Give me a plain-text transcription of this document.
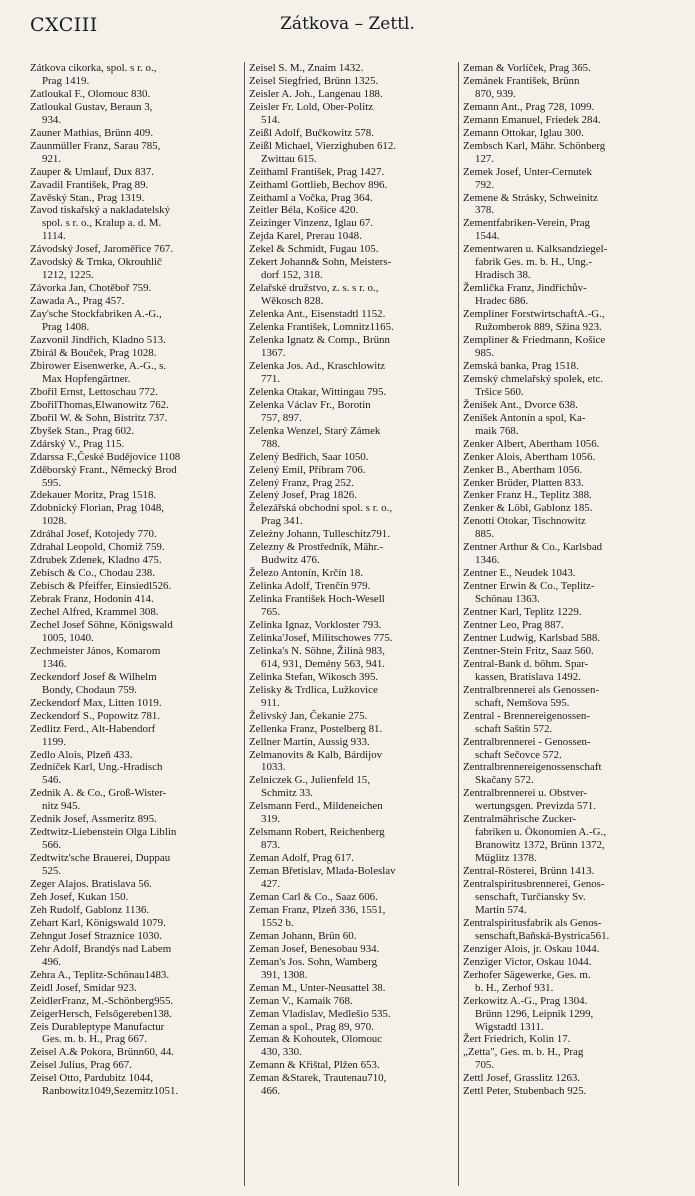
CXCIII	Zátkova – Zettl.
Zátkova cikorka, spol. s r. o.,
Prag 1419.
Zatloukal F., Olomouc 830.
Zatloukal Gustav, Beraun 3,
934.
Zauner Mathias, Brünn 409.
Zaunmüller Franz, Sarau 785,
921.
Zauper & Umlauf, Dux 837.
Zavadil František, Prag 89.
Zavěský Stan., Prag 1319.
Zavod tiskařský a nakladatelský
spol. s r. o., Kralup a. d. M.
1114.
Závodský Josef, Jaroměřice 767.
Zavodský & Trnka, Okrouhlič
1212, 1225.
Závorka Jan, Chotěboř 759.
Zawada A., Prag 457.
Zay'sche Stockfabriken A.-G.,
Prag 1408.
Zazvonil Jindřich, Kladno 513.
Zbirál & Bouček, Prag 1028.
Zbirower Eisenwerke, A.-G., s.
Max Hopfengärtner.
Zbořil Ernst, Lettoschau 772.
ZbořilThomas,Elwanowitz 762.
Zbořil W. & Sohn, Bistritz 737.
Zbyšek Stan., Prag 602.
Zdárský V., Prag 115.
Zdarssa F.,České Budějovice 1108
Zděborský Frant., Německý Brod
595.
Zdekauer Moritz, Prag 1518.
Zdobnický Florian, Prag 1048,
1028.
Zdráhal Josef, Kotojedy 770.
Zdrahal Leopold, Chomiž 759.
Zdrubek Zdenek, Kladno 475.
Zebisch & Co., Chodau 238.
Zebisch & Pfeiffer, Einsiedl526.
Zebrak Franz, Hodonín 414.
Zechel Alfred, Krammel 308.
Zechel Josef Söhne, Königswald
1005, 1040.
Zechmeister János, Komarom
1346.
Zeckendorf Josef & Wilhelm
Bondy, Chodaun 759.
Zeckendorf Max, Litten 1019.
Zeckendorf S., Popowitz 781.
Zedlitz Ferd., Alt-Habendorf
1199.
Zedlo Alois, Plzeň 433.
Zedníček Karl, Ung.-Hradisch
546.
Zednik A. & Co., Groß-Wister-
nitz 945.
Zednik Josef, Assmeritz 895.
Zedtwitz-Liebenstein Olga Liblin
566.
Zedtwitz'sche Brauerei, Duppau
525.
Zeger Alajos. Bratislava 56.
Zeh Josef, Kukan 150.
Zeh Rudolf, Gablonz 1136.
Zehart Karl, Königswald 1079.
Zehngut Josef Straznice 1030.
Zehr Adolf, Brandýs nad Labem
496.
Zehra A., Teplitz-Schönau1483.
Zeidl Josef, Smidar 923.
ZeidlerFranz, M.-Schönberg955.
ZeigerHersch, Felsőgereben138.
Zeis Durableptype Manufactur
Ges. m. b. H., Prag 667.
Zeisel A.& Pokora, Brünn60, 44.
Zeisel Julius, Prag 667.
Zeisel Otto, Pardubitz 1044,
Ranbowitz1049,Sezemitz1051.
Zeisel S. M., Znaim 1432.
Zeisel Siegfried, Brünn 1325.
Zeisler A. Joh., Langenau 188.
Zeisler Fr. Lold, Ober-Politz
514.
Zeißl Adolf, Bučkowitz 578.
Zeißl Michael, Vierzighuben 612.
Zwittau 615.
Zeithaml František, Prag 1427.
Zeithaml Gottlieb, Bechov 896.
Zeithaml a Vočka, Prag 364.
Zeitler Béla, Košice 420.
Zeizinger Vinzenz, Iglau 67.
Zejda Karel, Prerau 1048.
Zekel & Schmidt, Fugau 105.
Zekert Johann& Sohn, Meisters-
dorf 152, 318.
Zelařské družstvo, z. s. s r. o.,
Wěkosch 828.
Zelenka Ant., Eisenstadtl 1152.
Zelenka František, Lomnitz1165.
Zelenka Ignatz & Comp., Brünn
1367.
Zelenka Jos. Ad., Kraschlowitz
771.
Zelenka Otakar, Wittingau 795.
Zelenka Václav Fr., Borotin
757, 897.
Zelenka Wenzel, Starý Zámek
788.
Zelený Bedřich, Saar 1050.
Zelený Emil, Příbram 706.
Zelený Franz, Prag 252.
Zelený Josef, Prag 1826.
Železářská obchodní spol. s r. o.,
Prag 341.
Zeleżny Johann, Tulleschitz791.
Zelezny & Prostředník, Mähr.-
Budwitz 476.
Železo Antonín, Krčín 18.
Zelinka Adolf, Trenčín 979.
Zelinka František Hoch-Wesell
765.
Zelinka Ignaz, Vorkloster 793.
Zelinka'Josef, Militschowes 775.
Zelinka's N. Söhne, Žilinà 983,
614, 931, Demény 563, 941.
Zelinka Stefan, Wikosch 395.
Zelisky & Trdlica, Lužkovice
911.
Želivský Jan, Čekanie 275.
Zellenka Franz, Postelberg 81.
Zellner Martin, Aussig 933.
Zelmanovits & Kalb, Bárdijov
1033.
Zelniczek G., Julienfeld 15,
Schmitz 33.
Zelsmann Ferd., Mildeneichen
319.
Zelsmann Robert, Reichenberg
873.
Zeman Adolf, Prag 617.
Zeman Břetislav, Mlada-Boleslav
427.
Zeman Carl & Co., Saaz 606.
Zeman Franz, Plzeň 336, 1551,
1552 b.
Zeman Johann, Brün 60.
Zeman Josef, Benesobau 934.
Zeman's Jos. Sohn, Wamberg
391, 1308.
Zeman M., Unter-Neusattel 38.
Zeman V., Kamaik 768.
Zeman Vladislav, Medlešio 535.
Zeman a spol., Prag 89, 970.
Zeman & Kohoutek, Olomouc
430, 330.
Zemann & Křištal, Plžen 653.
Zeman &Starek, Trautenau710,
466.
Zeman & Vorlíček, Prag 365.
Zemánek František, Brünn
870, 939.
Zemann Ant., Prag 728, 1099.
Zemann Emanuel, Friedek 284.
Zemann Ottokar, Iglau 300.
Zembsch Karl, Mähr. Schönberg
127.
Zemek Josef, Unter-Cernutek
792.
Zemene & Strásky, Schweinitz
378.
Zementfabriken-Verein, Prag
1544.
Zementwaren u. Kalksandziegel-
fabrik Ges. m. b. H., Ung.-
Hradisch 38.
Žemlička Franz, Jindřichův-
Hradec 686.
Zempliner ForstwirtschaftA.-G.,
Ružomberok 889, Sžina 923.
Zempliner & Friedmann, Košice
985.
Zemská banka, Prag 1518.
Zemský chmelařský spolek, etc.
Tršice 560.
Ženíšek Ant., Dvorce 638.
Zeníšek Antonín a spol, Ka-
maik 768.
Zenker Albert, Abertham 1056.
Zenker Alois, Abertham 1056.
Zenker B., Abertham 1056.
Zenker Brüder, Platten 833.
Zenker Franz H., Teplitz 388.
Zenker & Löbl, Gablonz 185.
Zenotti Otokar, Tischnowitz
885.
Zentner Arthur & Co., Karlsbad
1346.
Zentner E., Neudek 1043.
Zentner Erwin & Co., Teplitz-
Schönau 1363.
Zentner Karl, Teplitz 1229.
Zentner Leo, Prag 887.
Zentner Ludwig, Karlsbad 588.
Zentner-Stein Fritz, Saaz 560.
Zentral-Bank d. böhm. Spar-
kassen, Bratislava 1492.
Zentralbrennerei als Genossen-
schaft, Nemšova 595.
Zentral - Brennereigenossen-
schaft Saštin 572.
Zentralbrennerei - Genossen-
schaft Sečovce 572.
Zentralbrennereigenossenschaft
Skačany 572.
Zentralbrennerei u. Obstver-
wertungsgen. Previzda 571.
Zentralmährische Zucker-
fabriken u. Ökonomien A.-G.,
Branowitz 1372, Brünn 1372,
Müglitz 1378.
Zentral-Rösterei, Brünn 1413.
Zentralspiritusbrennerei, Genos-
senschaft, Turčiansky Sv.
Martin 574.
Zentralspiritusfabrik als Genos-
senschaft,Baňská-Bystrica561.
Zenziger Alois, jr. Oskau 1044.
Zenziger Victor, Oskau 1044.
Zerhofer Sägewerke, Ges. m.
b. H., Zerhof 931.
Zerkowitz A.-G., Prag 1304.
Brünn 1296, Leipnik 1299,
Wigstadtl 1311.
Žert Friedrich, Kolin 17.
„Zetta", Ges. m. b. H., Prag
705.
Zettl Josef, Grasslitz 1263.
Zettl Peter, Stubenbach 925.
